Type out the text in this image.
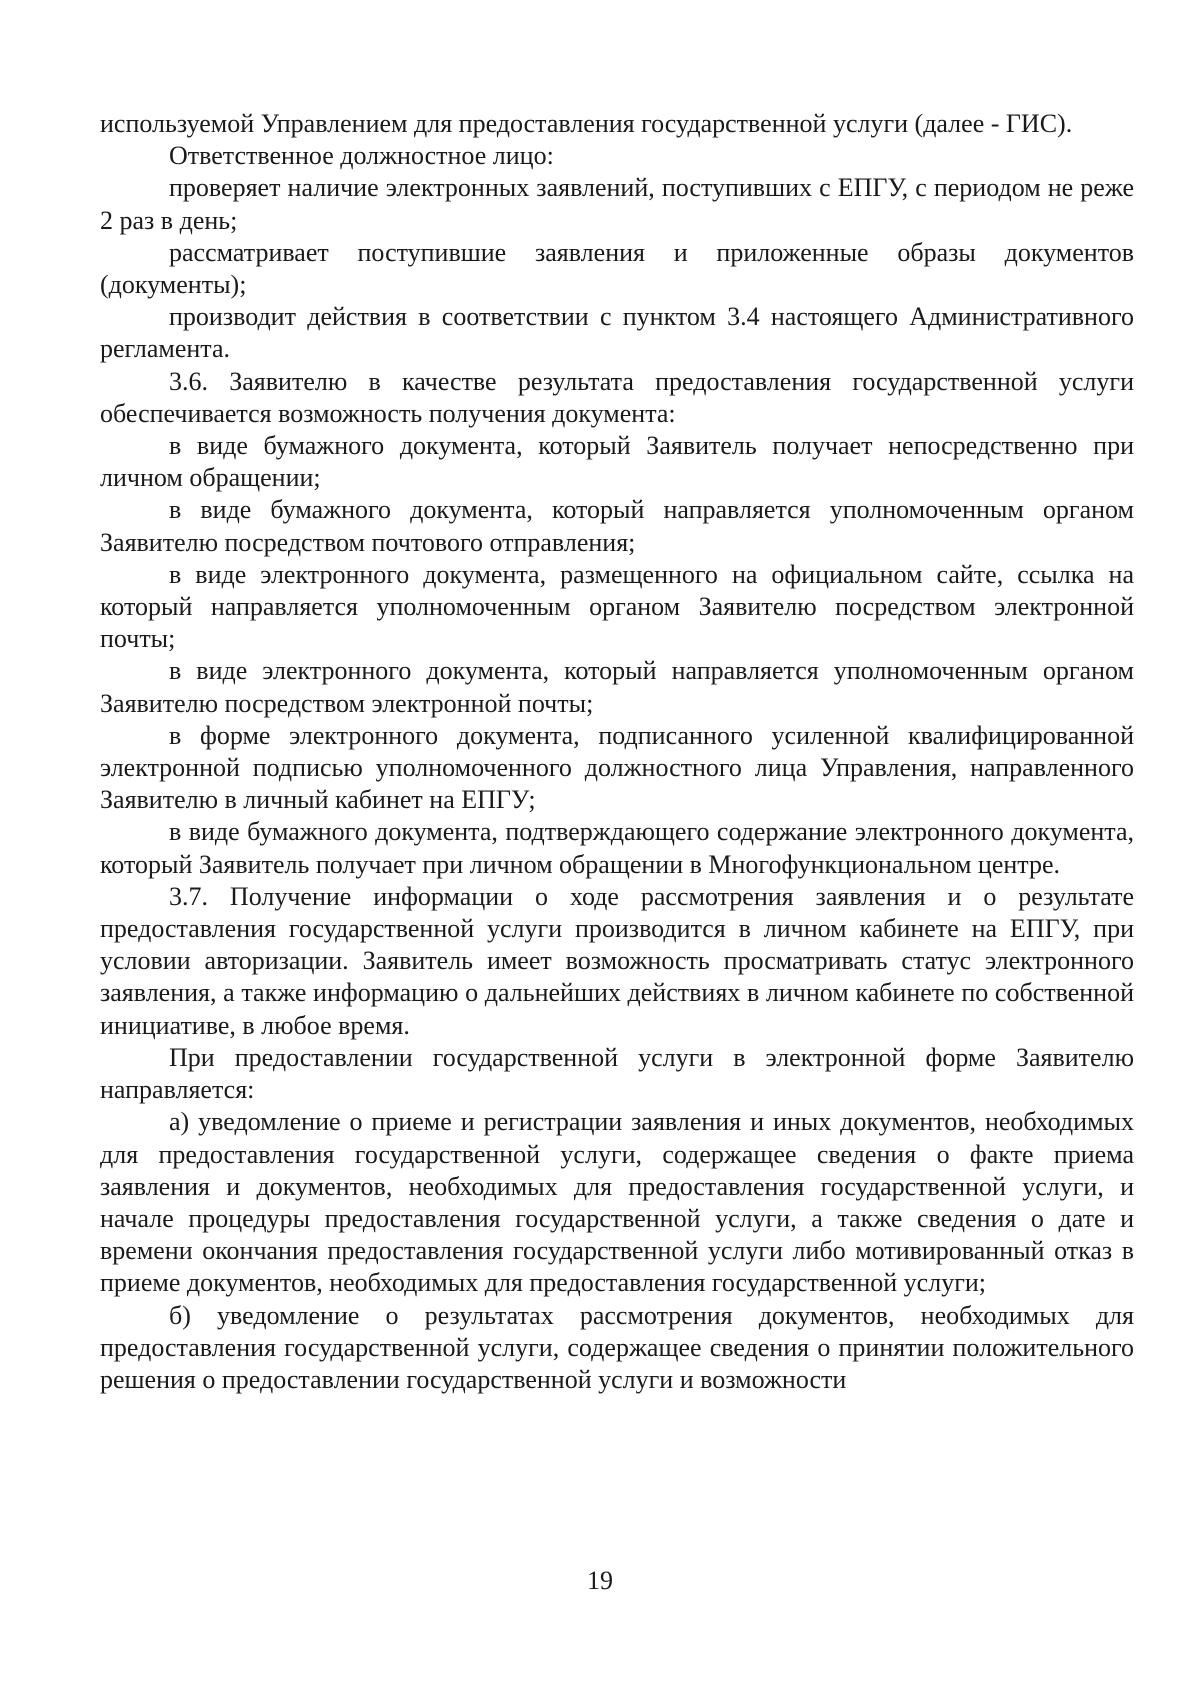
используемой Управлением для предоставления государственной услуги (далее - ГИС).

Ответственное должностное лицо:

проверяет наличие электронных заявлений, поступивших с ЕПГУ, с периодом не реже 2 раз в день;

рассматривает поступившие заявления и приложенные образы документов (документы);

производит действия в соответствии с пунктом 3.4 настоящего Административного регламента.

3.6. Заявителю в качестве результата предоставления государственной услуги обеспечивается возможность получения документа:

в виде бумажного документа, который Заявитель получает непосредственно при личном обращении;

в виде бумажного документа, который направляется уполномоченным органом Заявителю посредством почтового отправления;

в виде электронного документа, размещенного на официальном сайте, ссылка на который направляется уполномоченным органом Заявителю посредством электронной почты;

в виде электронного документа, который направляется уполномоченным органом Заявителю посредством электронной почты;

в форме электронного документа, подписанного усиленной квалифицированной электронной подписью уполномоченного должностного лица Управления, направленного Заявителю в личный кабинет на ЕПГУ;

в виде бумажного документа, подтверждающего содержание электронного документа, который Заявитель получает при личном обращении в Многофункциональном центре.

3.7. Получение информации о ходе рассмотрения заявления и о результате предоставления государственной услуги производится в личном кабинете на ЕПГУ, при условии авторизации. Заявитель имеет возможность просматривать статус электронного заявления, а также информацию о дальнейших действиях в личном кабинете по собственной инициативе, в любое время.

При предоставлении государственной услуги в электронной форме Заявителю направляется:

а) уведомление о приеме и регистрации заявления и иных документов, необходимых для предоставления государственной услуги, содержащее сведения о факте приема заявления и документов, необходимых для предоставления государственной услуги, и начале процедуры предоставления государственной услуги, а также сведения о дате и времени окончания предоставления государственной услуги либо мотивированный отказ в приеме документов, необходимых для предоставления государственной услуги;

б) уведомление о результатах рассмотрения документов, необходимых для предоставления государственной услуги, содержащее сведения о принятии положительного решения о предоставлении государственной услуги и возможности

19
